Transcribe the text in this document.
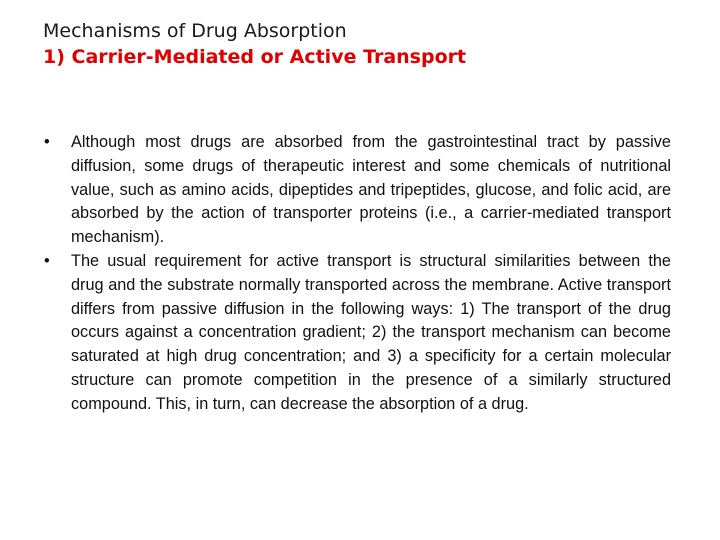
Mechanisms of Drug Absorption
1) Carrier-Mediated or Active Transport
• Although most drugs are absorbed from the gastrointestinal tract by passive diffusion, some drugs of therapeutic interest and some chemicals of nutritional value, such as amino acids, dipeptides and tripeptides, glucose, and folic acid, are absorbed by the action of transporter proteins (i.e., a carrier-mediated transport mechanism).
• The usual requirement for active transport is structural similarities between the drug and the substrate normally transported across the membrane. Active transport differs from passive diffusion in the following ways: 1) The transport of the drug occurs against a concentration gradient; 2) the transport mechanism can become saturated at high drug concentration; and 3) a specificity for a certain molecular structure can promote competition in the presence of a similarly structured compound. This, in turn, can decrease the absorption of a drug.
